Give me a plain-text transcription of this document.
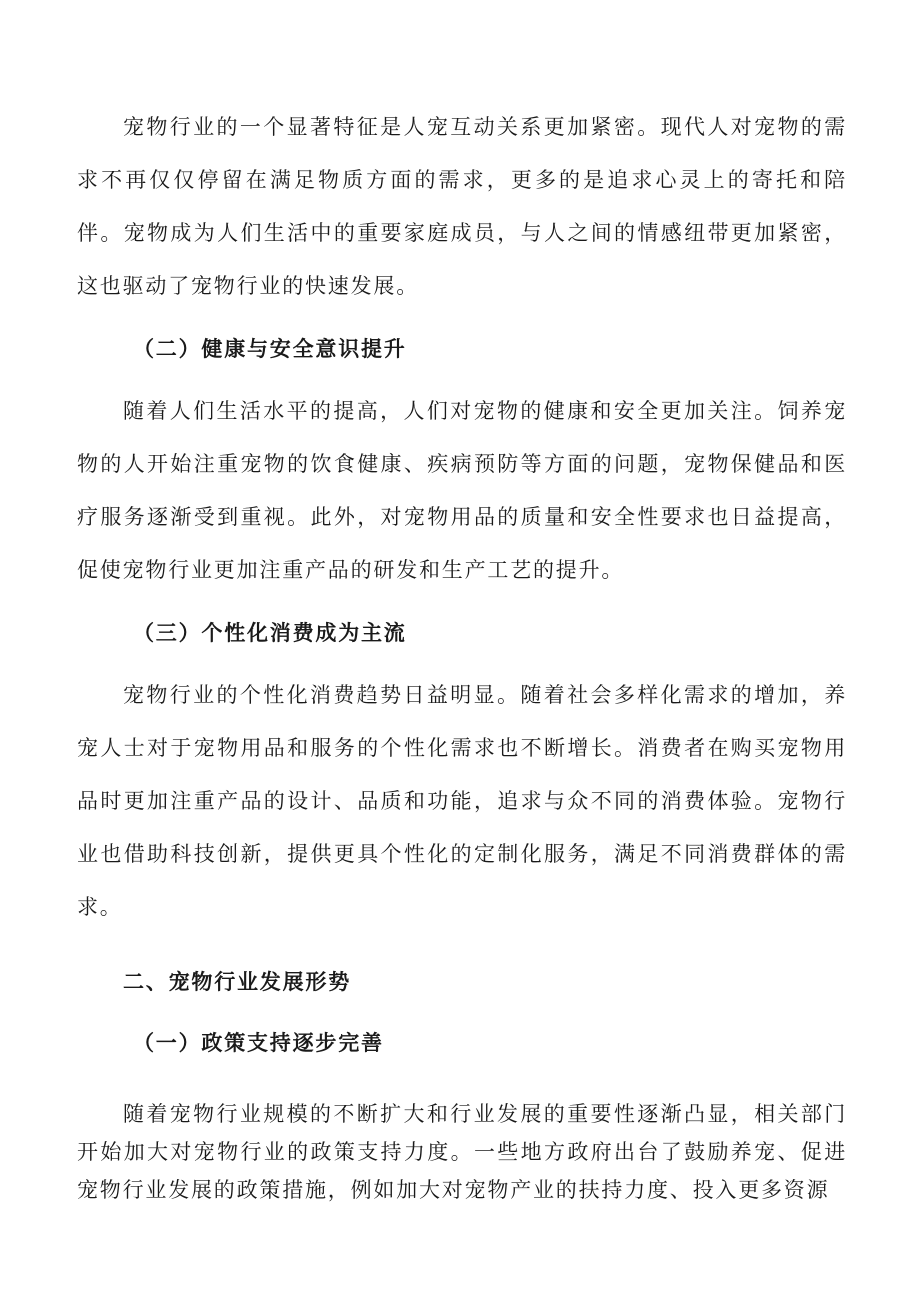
宠物行业的一个显著特征是人宠互动关系更加紧密。现代人对宠物的需求不再仅仅停留在满足物质方面的需求，更多的是追求心灵上的寄托和陪伴。宠物成为人们生活中的重要家庭成员，与人之间的情感纽带更加紧密，这也驱动了宠物行业的快速发展。

（二）健康与安全意识提升

随着人们生活水平的提高，人们对宠物的健康和安全更加关注。饲养宠物的人开始注重宠物的饮食健康、疾病预防等方面的问题，宠物保健品和医疗服务逐渐受到重视。此外，对宠物用品的质量和安全性要求也日益提高，促使宠物行业更加注重产品的研发和生产工艺的提升。

（三）个性化消费成为主流

宠物行业的个性化消费趋势日益明显。随着社会多样化需求的增加，养宠人士对于宠物用品和服务的个性化需求也不断增长。消费者在购买宠物用品时更加注重产品的设计、品质和功能，追求与众不同的消费体验。宠物行业也借助科技创新，提供更具个性化的定制化服务，满足不同消费群体的需求。

二、宠物行业发展形势
（一）政策支持逐步完善

随着宠物行业规模的不断扩大和行业发展的重要性逐渐凸显，相关部门开始加大对宠物行业的政策支持力度。一些地方政府出台了鼓励养宠、促进宠物行业发展的政策措施，例如加大对宠物产业的扶持力度、投入更多资源
